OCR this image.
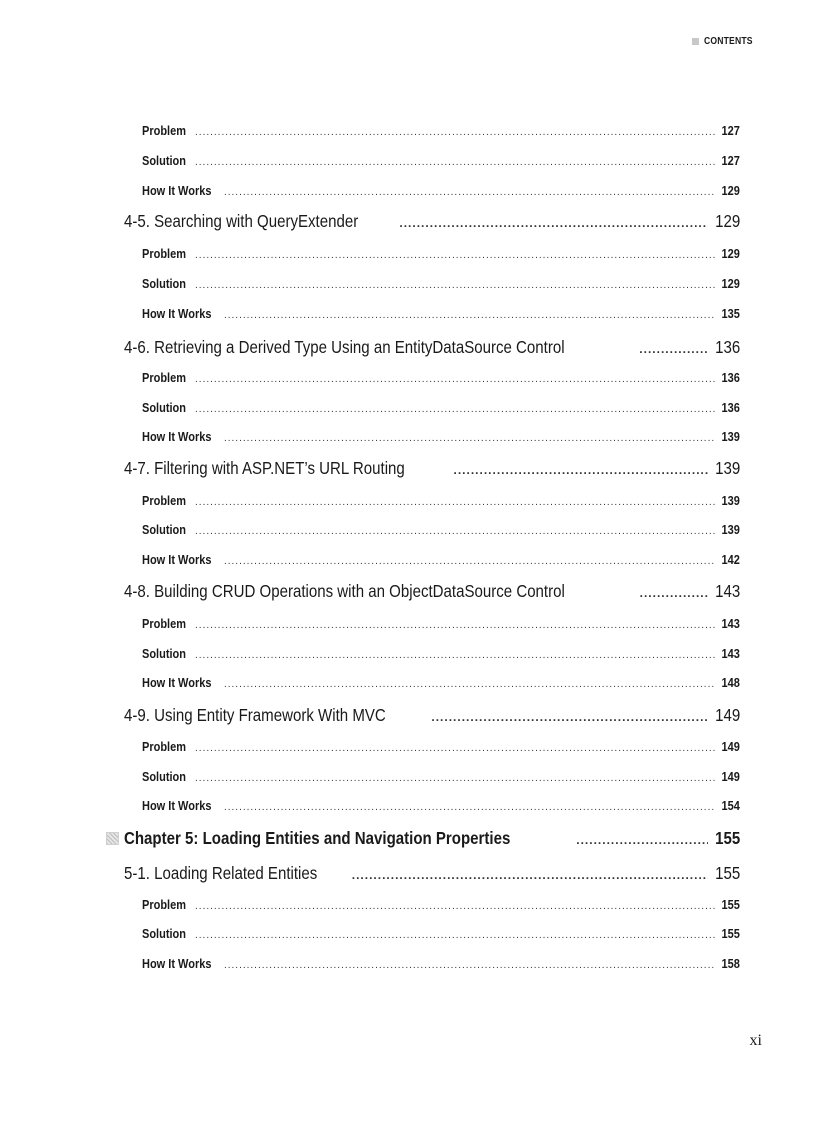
CONTENTS
Problem .....	127
Solution .....	127
How It Works .....	129
4-5. Searching with QueryExtender .....	129
Problem .....	129
Solution .....	129
How It Works .....	135
4-6. Retrieving a Derived Type Using an EntityDataSource Control .....	136
Problem .....	136
Solution .....	136
How It Works .....	139
4-7. Filtering with ASP.NET’s URL Routing .....	139
Problem .....	139
Solution .....	139
How It Works .....	142
4-8. Building CRUD Operations with an ObjectDataSource Control .....	143
Problem .....	143
Solution .....	143
How It Works .....	148
4-9. Using Entity Framework With MVC .....	149
Problem .....	149
Solution .....	149
How It Works .....	154
Chapter 5: Loading Entities and Navigation Properties .....	155
5-1. Loading Related Entities .....	155
Problem .....	155
Solution .....	155
How It Works .....	158
xi
